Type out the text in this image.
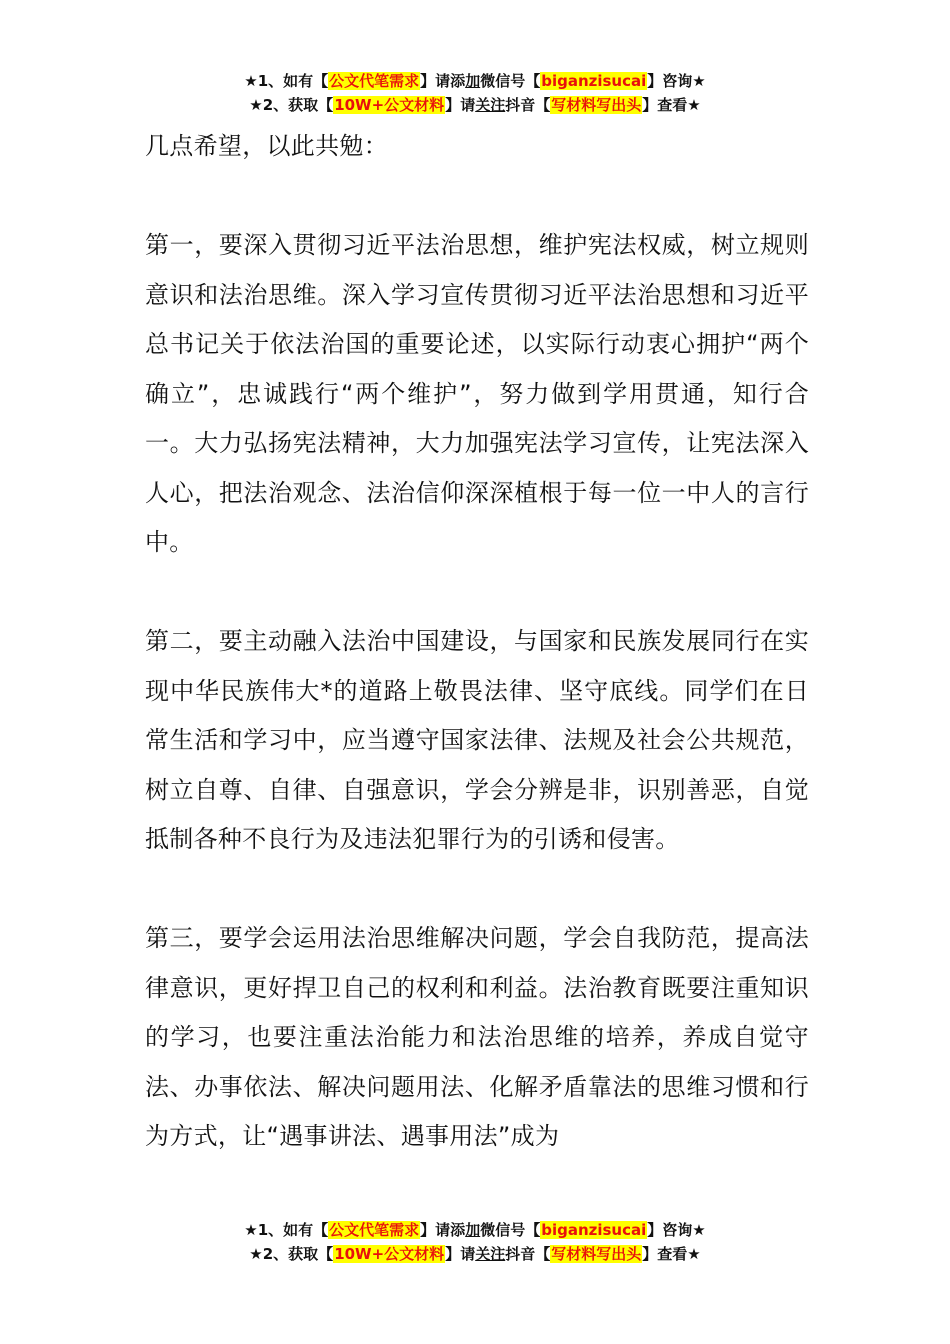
★1、如有【公文代笔需求】请添加微信号【biganzisucai】咨询★
★2、获取【10W+公文材料】请关注抖音【写材料写出头】查看★

几点希望，以此共勉：

第一，要深入贯彻习近平法治思想，维护宪法权威，树立规则意识和法治思维。深入学习宣传贯彻习近平法治思想和习近平总书记关于依法治国的重要论述，以实际行动衷心拥护“两个确立”，忠诚践行“两个维护”，努力做到学用贯通，知行合一。大力弘扬宪法精神，大力加强宪法学习宣传，让宪法深入人心，把法治观念、法治信仰深深植根于每一位一中人的言行中。

第二，要主动融入法治中国建设，与国家和民族发展同行在实现中华民族伟大*的道路上敬畏法律、坚守底线。同学们在日常生活和学习中，应当遵守国家法律、法规及社会公共规范，树立自尊、自律、自强意识，学会分辨是非，识别善恶，自觉抵制各种不良行为及违法犯罪行为的引诱和侵害。

第三，要学会运用法治思维解决问题，学会自我防范，提高法律意识，更好捍卫自己的权利和利益。法治教育既要注重知识的学习，也要注重法治能力和法治思维的培养，养成自觉守法、办事依法、解决问题用法、化解矛盾靠法的思维习惯和行为方式，让“遇事讲法、遇事用法”成为

★1、如有【公文代笔需求】请添加微信号【biganzisucai】咨询★
★2、获取【10W+公文材料】请关注抖音【写材料写出头】查看★
